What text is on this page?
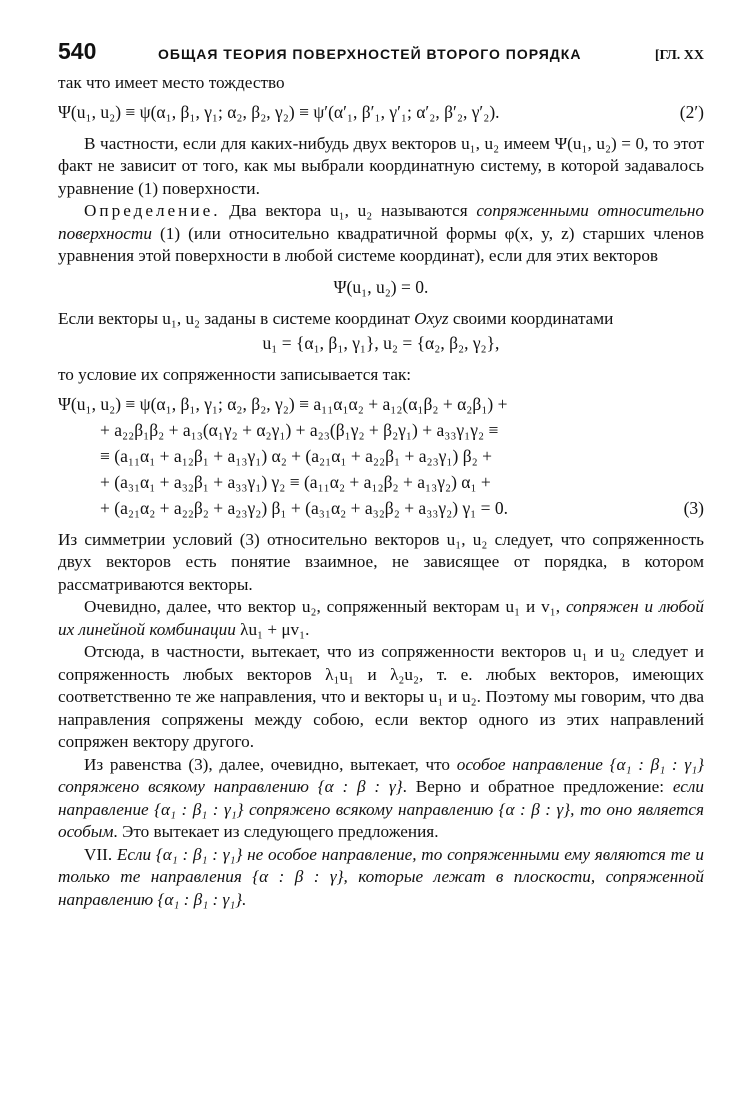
540	ОБЩАЯ ТЕОРИЯ ПОВЕРХНОСТЕЙ ВТОРОГО ПОРЯДКА	[ГЛ. XX

так что имеет место тождество

Ψ(u₁, u₂) ≡ ψ(α₁, β₁, γ₁; α₂, β₂, γ₂) ≡ ψ′(α′₁, β′₁, γ′₁; α′₂, β′₂, γ′₂).	(2′)

В частности, если для каких-нибудь двух векторов u₁, u₂ имеем Ψ(u₁, u₂) = 0, то этот факт не зависит от того, как мы выбрали координатную систему, в которой задавалось уравнение (1) поверхности.

Определение. Два вектора u₁, u₂ называются сопряженными относительно поверхности (1) (или относительно квадратичной формы φ(x, y, z) старших членов уравнения этой поверхности в любой системе координат), если для этих векторов

Ψ(u₁, u₂) = 0.

Если векторы u₁, u₂ заданы в системе координат Oxyz своими координатами

u₁ = {α₁, β₁, γ₁}, u₂ = {α₂, β₂, γ₂},

то условие их сопряженности записывается так:

Ψ(u₁, u₂) ≡ ψ(α₁, β₁, γ₁; α₂, β₂, γ₂) ≡ a₁₁α₁α₂ + a₁₂(α₁β₂ + α₂β₁) +

+ a₂₂β₁β₂ + a₁₃(α₁γ₂ + α₂γ₁) + a₂₃(β₁γ₂ + β₂γ₁) + a₃₃γ₁γ₂ ≡

≡ (a₁₁α₁ + a₁₂β₁ + a₁₃γ₁) α₂ + (a₂₁α₁ + a₂₂β₁ + a₂₃γ₁) β₂ +

+ (a₃₁α₁ + a₃₂β₁ + a₃₃γ₁) γ₂ ≡ (a₁₁α₂ + a₁₂β₂ + a₁₃γ₂) α₁ +

+ (a₂₁α₂ + a₂₂β₂ + a₂₃γ₂) β₁ + (a₃₁α₂ + a₃₂β₂ + a₃₃γ₂) γ₁ = 0.	(3)

Из симметрии условий (3) относительно векторов u₁, u₂ следует, что сопряженность двух векторов есть понятие взаимное, не зависящее от порядка, в котором рассматриваются векторы.

Очевидно, далее, что вектор u₂, сопряженный векторам u₁ и v₁, сопряжен и любой их линейной комбинации λu₁ + μv₁.

Отсюда, в частности, вытекает, что из сопряженности векторов u₁ и u₂ следует и сопряженность любых векторов λ₁u₁ и λ₂u₂, т. е. любых векторов, имеющих соответственно те же направления, что и векторы u₁ и u₂. Поэтому мы говорим, что два направления сопряжены между собою, если вектор одного из этих направлений сопряжен вектору другого.

Из равенства (3), далее, очевидно, вытекает, что особое направление {α₁ : β₁ : γ₁} сопряжено всякому направлению {α : β : γ}. Верно и обратное предложение: если направление {α₁ : β₁ : γ₁} сопряжено всякому направлению {α : β : γ}, то оно является особым. Это вытекает из следующего предложения.

VII. Если {α₁ : β₁ : γ₁} не особое направление, то сопряженными ему являются те и только те направления {α : β : γ}, которые лежат в плоскости, сопряженной направлению {α₁ : β₁ : γ₁}.
